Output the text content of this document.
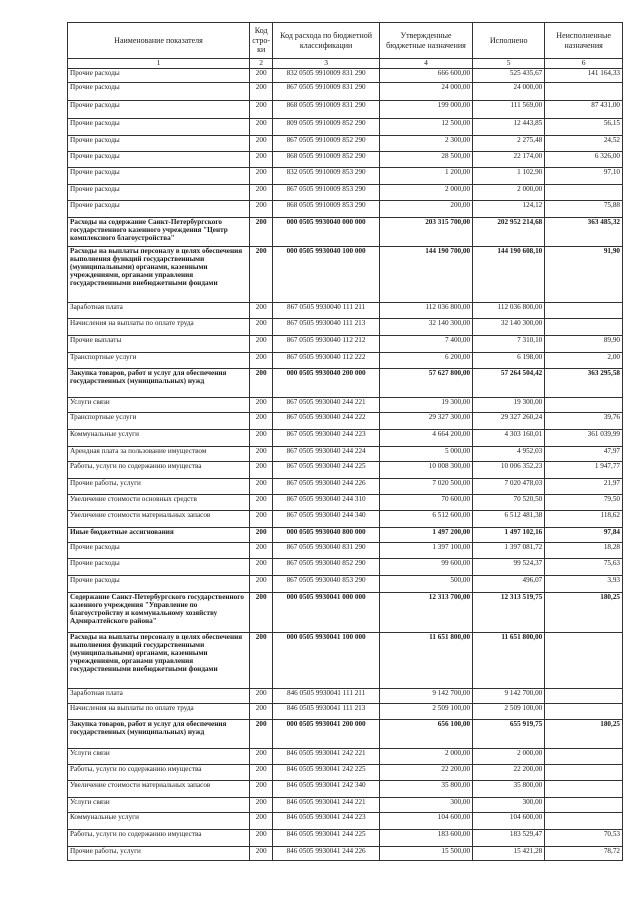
Наименование показателя	Код стро-ки	Код расхода по бюджетной классификации	Утвержденные бюджетные назначения	Исполнено	Неисполненные назначения
1	2	3	4	5	6
Прочие расходы	200	832 0505 9910009 831 290	666 600,00	525 435,67	141 164,33
Прочие расходы	200	867 0505 9910009 831 290	24 000,00	24 000,00	
Прочие расходы	200	868 0505 9910009 831 290	199 000,00	111 569,00	87 431,00
Прочие расходы	200	809 0505 9910009 852 290	12 500,00	12 443,85	56,15
Прочие расходы	200	867 0505 9910009 852 290	2 300,00	2 275,48	24,52
Прочие расходы	200	868 0505 9910009 852 290	28 500,00	22 174,00	6 326,00
Прочие расходы	200	832 0505 9910009 853 290	1 200,00	1 102,90	97,10
Прочие расходы	200	867 0505 9910009 853 290	2 000,00	2 000,00	
Прочие расходы	200	868 0505 9910009 853 290	200,00	124,12	75,88
Расходы на содержание Санкт-Петербургского государственного казенного учреждения "Центр комплексного благоустройства"	200	000 0505 9930040 000 000	203 315 700,00	202 952 214,68	363 485,32
Расходы на выплаты персоналу в целях обеспечения выполнения функций государственными (муниципальными) органами, казенными учреждениями, органами управления государственными внебюджетными фондами	200	000 0505 9930040 100 000	144 190 700,00	144 190 608,10	91,90
Заработная плата	200	867 0505 9930040 111 211	112 036 800,00	112 036 800,00	
Начисления на выплаты по оплате труда	200	867 0505 9930040 111 213	32 140 300,00	32 140 300,00	
Прочие выплаты	200	867 0505 9930040 112 212	7 400,00	7 310,10	89,90
Транспортные услуги	200	867 0505 9930040 112 222	6 200,00	6 198,00	2,00
Закупка товаров, работ и услуг для обеспечения государственных (муниципальных) нужд	200	000 0505 9930040 200 000	57 627 800,00	57 264 504,42	363 295,58
Услуги связи	200	867 0505 9930040 244 221	19 300,00	19 300,00	
Транспортные услуги	200	867 0505 9930040 244 222	29 327 300,00	29 327 260,24	39,76
Коммунальные услуги	200	867 0505 9930040 244 223	4 664 200,00	4 303 160,01	361 039,99
Арендная плата за пользование имуществом	200	867 0505 9930040 244 224	5 000,00	4 952,03	47,97
Работы, услуги по содержанию имущества	200	867 0505 9930040 244 225	10 008 300,00	10 006 352,23	1 947,77
Прочие работы, услуги	200	867 0505 9930040 244 226	7 020 500,00	7 020 478,03	21,97
Увеличение стоимости основных средств	200	867 0505 9930040 244 310	70 600,00	70 520,50	79,50
Увеличение стоимости материальных запасов	200	867 0505 9930040 244 340	6 512 600,00	6 512 481,38	118,62
Иные бюджетные ассигнования	200	000 0505 9930040 800 000	1 497 200,00	1 497 102,16	97,84
Прочие расходы	200	867 0505 9930040 831 290	1 397 100,00	1 397 081,72	18,28
Прочие расходы	200	867 0505 9930040 852 290	99 600,00	99 524,37	75,63
Прочие расходы	200	867 0505 9930040 853 290	500,00	496,07	3,93
Содержание Санкт-Петербургского государственного казенного учреждения "Управление по благоустройству и коммунальному хозяйству Адмиралтейского района"	200	000 0505 9930041 000 000	12 313 700,00	12 313 519,75	180,25
Расходы на выплаты персоналу в целях обеспечения выполнения функций государственными (муниципальными) органами, казенными учреждениями, органами управления государственными внебюджетными фондами	200	000 0505 9930041 100 000	11 651 800,00	11 651 800,00	
Заработная плата	200	846 0505 9930041 111 211	9 142 700,00	9 142 700,00	
Начисления на выплаты по оплате труда	200	846 0505 9930041 111 213	2 509 100,00	2 509 100,00	
Закупка товаров, работ и услуг для обеспечения государственных (муниципальных) нужд	200	000 0505 9930041 200 000	656 100,00	655 919,75	180,25
Услуги связи	200	846 0505 9930041 242 221	2 000,00	2 000,00	
Работы, услуги по содержанию имущества	200	846 0505 9930041 242 225	22 200,00	22 200,00	
Увеличение стоимости материальных запасов	200	846 0505 9930041 242 340	35 800,00	35 800,00	
Услуги связи	200	846 0505 9930041 244 221	300,00	300,00	
Коммунальные услуги	200	846 0505 9930041 244 223	104 600,00	104 600,00	
Работы, услуги по содержанию имущества	200	846 0505 9930041 244 225	183 600,00	183 529,47	70,53
Прочие работы, услуги	200	846 0505 9930041 244 226	15 500,00	15 421,28	78,72
